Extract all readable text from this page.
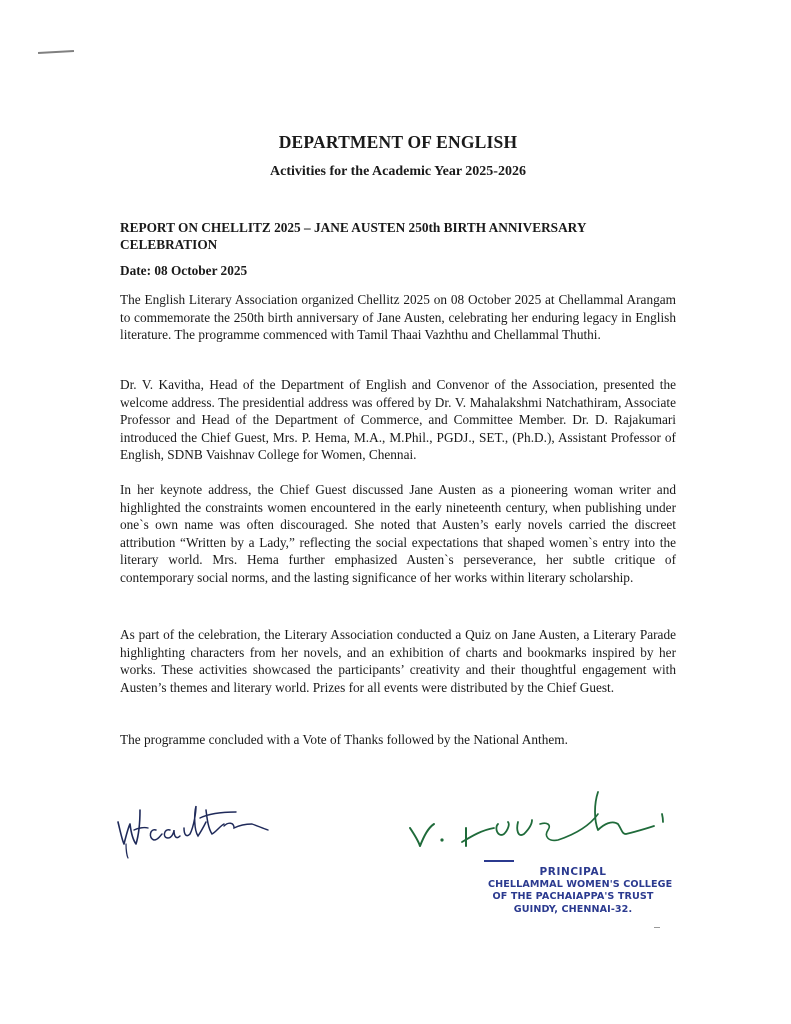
DEPARTMENT OF ENGLISH
Activities for the Academic Year 2025-2026
REPORT ON CHELLITZ 2025 – JANE AUSTEN 250th BIRTH ANNIVERSARY CELEBRATION

Date: 08 October 2025

The English Literary Association organized Chellitz 2025 on 08 October 2025 at Chellammal Arangam to commemorate the 250th birth anniversary of Jane Austen, celebrating her enduring legacy in English literature. The programme commenced with Tamil Thaai Vazhthu and Chellammal Thuthi.

Dr. V. Kavitha, Head of the Department of English and Convenor of the Association, presented the welcome address. The presidential address was offered by Dr. V. Mahalakshmi Natchathiram, Associate Professor and Head of the Department of Commerce, and Committee Member. Dr. D. Rajakumari introduced the Chief Guest, Mrs. P. Hema, M.A., M.Phil., PGDJ., SET., (Ph.D.), Assistant Professor of English, SDNB Vaishnav College for Women, Chennai.

In her keynote address, the Chief Guest discussed Jane Austen as a pioneering woman writer and highlighted the constraints women encountered in the early nineteenth century, when publishing under one`s own name was often discouraged. She noted that Austen’s early novels carried the discreet attribution “Written by a Lady,” reflecting the social expectations that shaped women`s entry into the literary world. Mrs. Hema further emphasized Austen`s perseverance, her subtle critique of contemporary social norms, and the lasting significance of her works within literary scholarship.

As part of the celebration, the Literary Association conducted a Quiz on Jane Austen, a Literary Parade highlighting characters from her novels, and an exhibition of charts and bookmarks inspired by her works. These activities showcased the participants’ creativity and their thoughtful engagement with Austen’s themes and literary world. Prizes for all events were distributed by the Chief Guest.

The programme concluded with a Vote of Thanks followed by the National Anthem.

PRINCIPAL
CHELLAMMAL WOMEN'S COLLEGE
OF THE PACHAIAPPA'S TRUST
GUINDY, CHENNAI-32.
